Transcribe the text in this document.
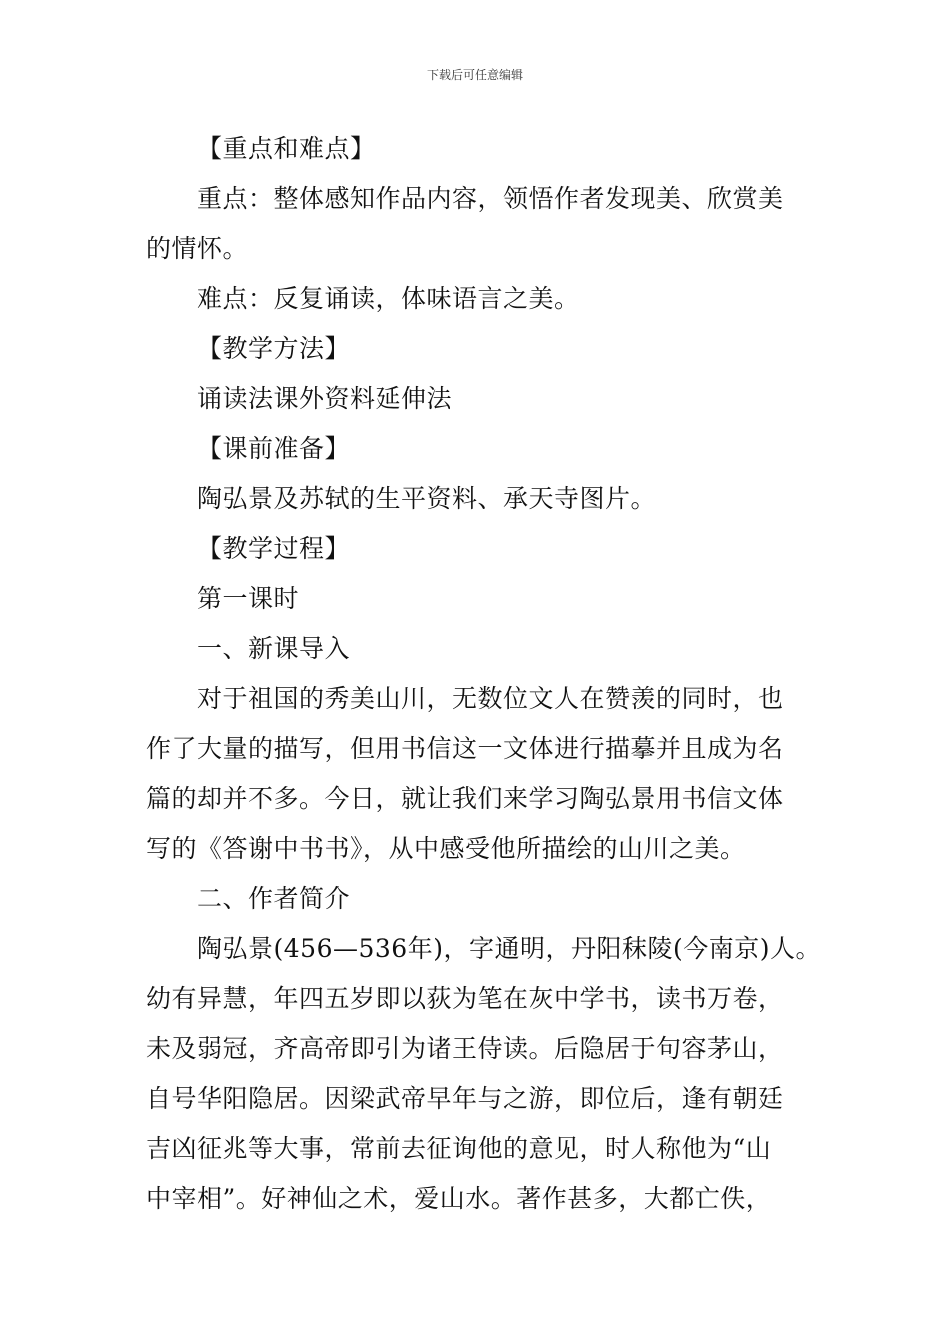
下载后可任意编辑
【重点和难点】
重点：整体感知作品内容，领悟作者发现美、欣赏美
的情怀。
难点：反复诵读，体味语言之美。
【教学方法】
诵读法课外资料延伸法
【课前准备】
陶弘景及苏轼的生平资料、承天寺图片。
【教学过程】
第一课时
一、新课导入
对于祖国的秀美山川，无数位文人在赞羡的同时，也
作了大量的描写，但用书信这一文体进行描摹并且成为名
篇的却并不多。今日，就让我们来学习陶弘景用书信文体
写的《答谢中书书》，从中感受他所描绘的山川之美。
二、作者简介
陶弘景(456—536年)，字通明，丹阳秣陵(今南京)人。
幼有异慧，年四五岁即以荻为笔在灰中学书，读书万卷，
未及弱冠，齐高帝即引为诸王侍读。后隐居于句容茅山，
自号华阳隐居。因梁武帝早年与之游，即位后，逢有朝廷
吉凶征兆等大事，常前去征询他的意见，时人称他为“山
中宰相”。好神仙之术，爱山水。著作甚多，大都亡佚，
